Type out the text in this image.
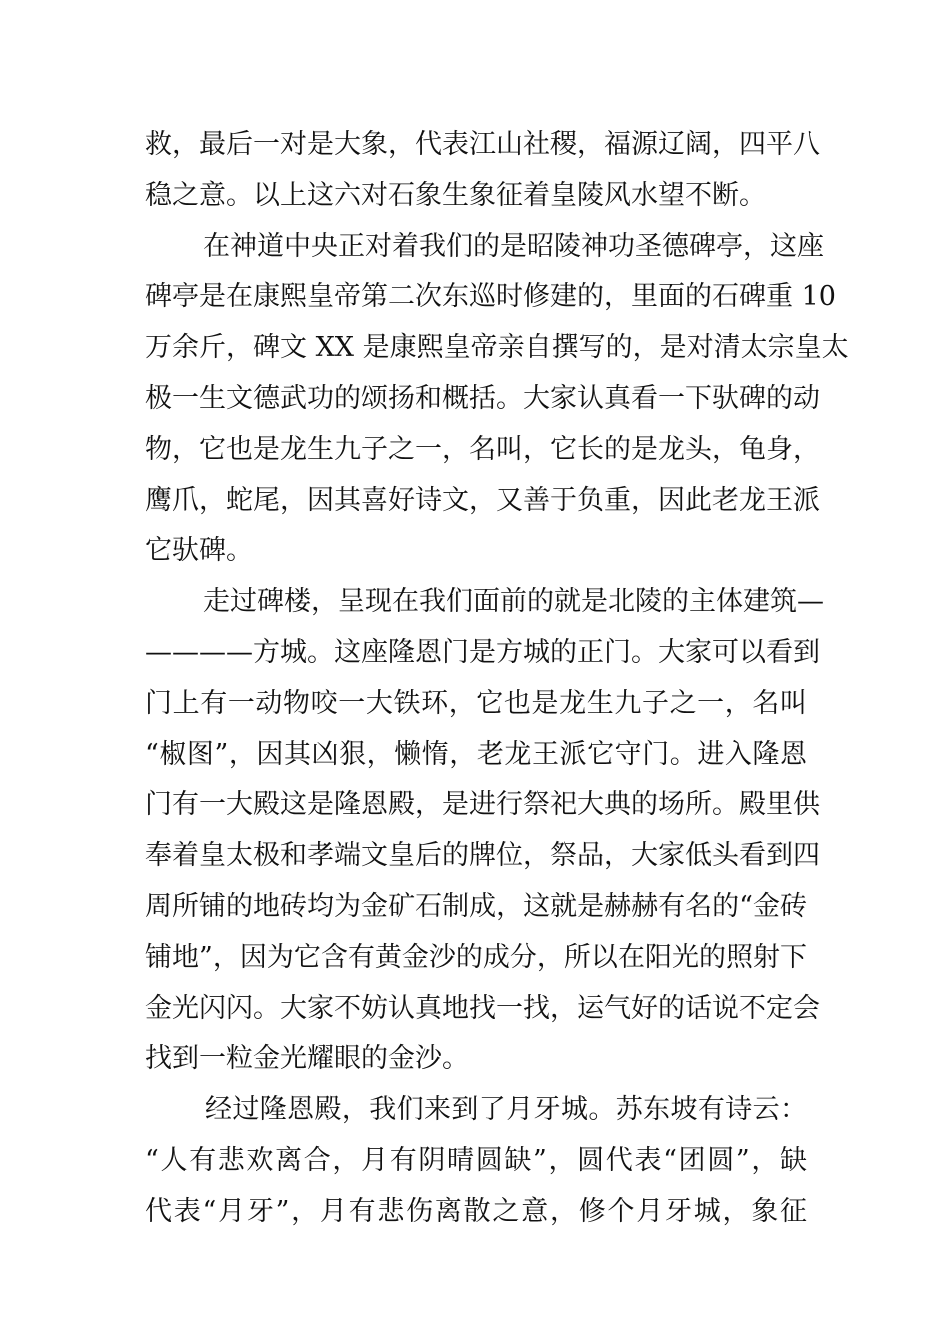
救，最后一对是大象，代表江山社稷，福源辽阔，四平八
稳之意。以上这六对石象生象征着皇陵风水望不断。
在神道中央正对着我们的是昭陵神功圣德碑亭，这座
碑亭是在康熙皇帝第二次东巡时修建的，里面的石碑重 10
万余斤，碑文 XX 是康熙皇帝亲自撰写的，是对清太宗皇太
极一生文德武功的颂扬和概括。大家认真看一下驮碑的动
物，它也是龙生九子之一，名叫，它长的是龙头，龟身，
鹰爪，蛇尾，因其喜好诗文，又善于负重，因此老龙王派
它驮碑。
走过碑楼，呈现在我们面前的就是北陵的主体建筑—
————方城。这座隆恩门是方城的正门。大家可以看到
门上有一动物咬一大铁环，它也是龙生九子之一，名叫
“椒图”，因其凶狠，懒惰，老龙王派它守门。进入隆恩
门有一大殿这是隆恩殿，是进行祭祀大典的场所。殿里供
奉着皇太极和孝端文皇后的牌位，祭品，大家低头看到四
周所铺的地砖均为金矿石制成，这就是赫赫有名的“金砖
铺地”，因为它含有黄金沙的成分，所以在阳光的照射下
金光闪闪。大家不妨认真地找一找，运气好的话说不定会
找到一粒金光耀眼的金沙。
经过隆恩殿，我们来到了月牙城。苏东坡有诗云：
“人有悲欢离合，月有阴晴圆缺”，圆代表“团圆”，缺
代表“月牙”，月有悲伤离散之意，修个月牙城，象征
